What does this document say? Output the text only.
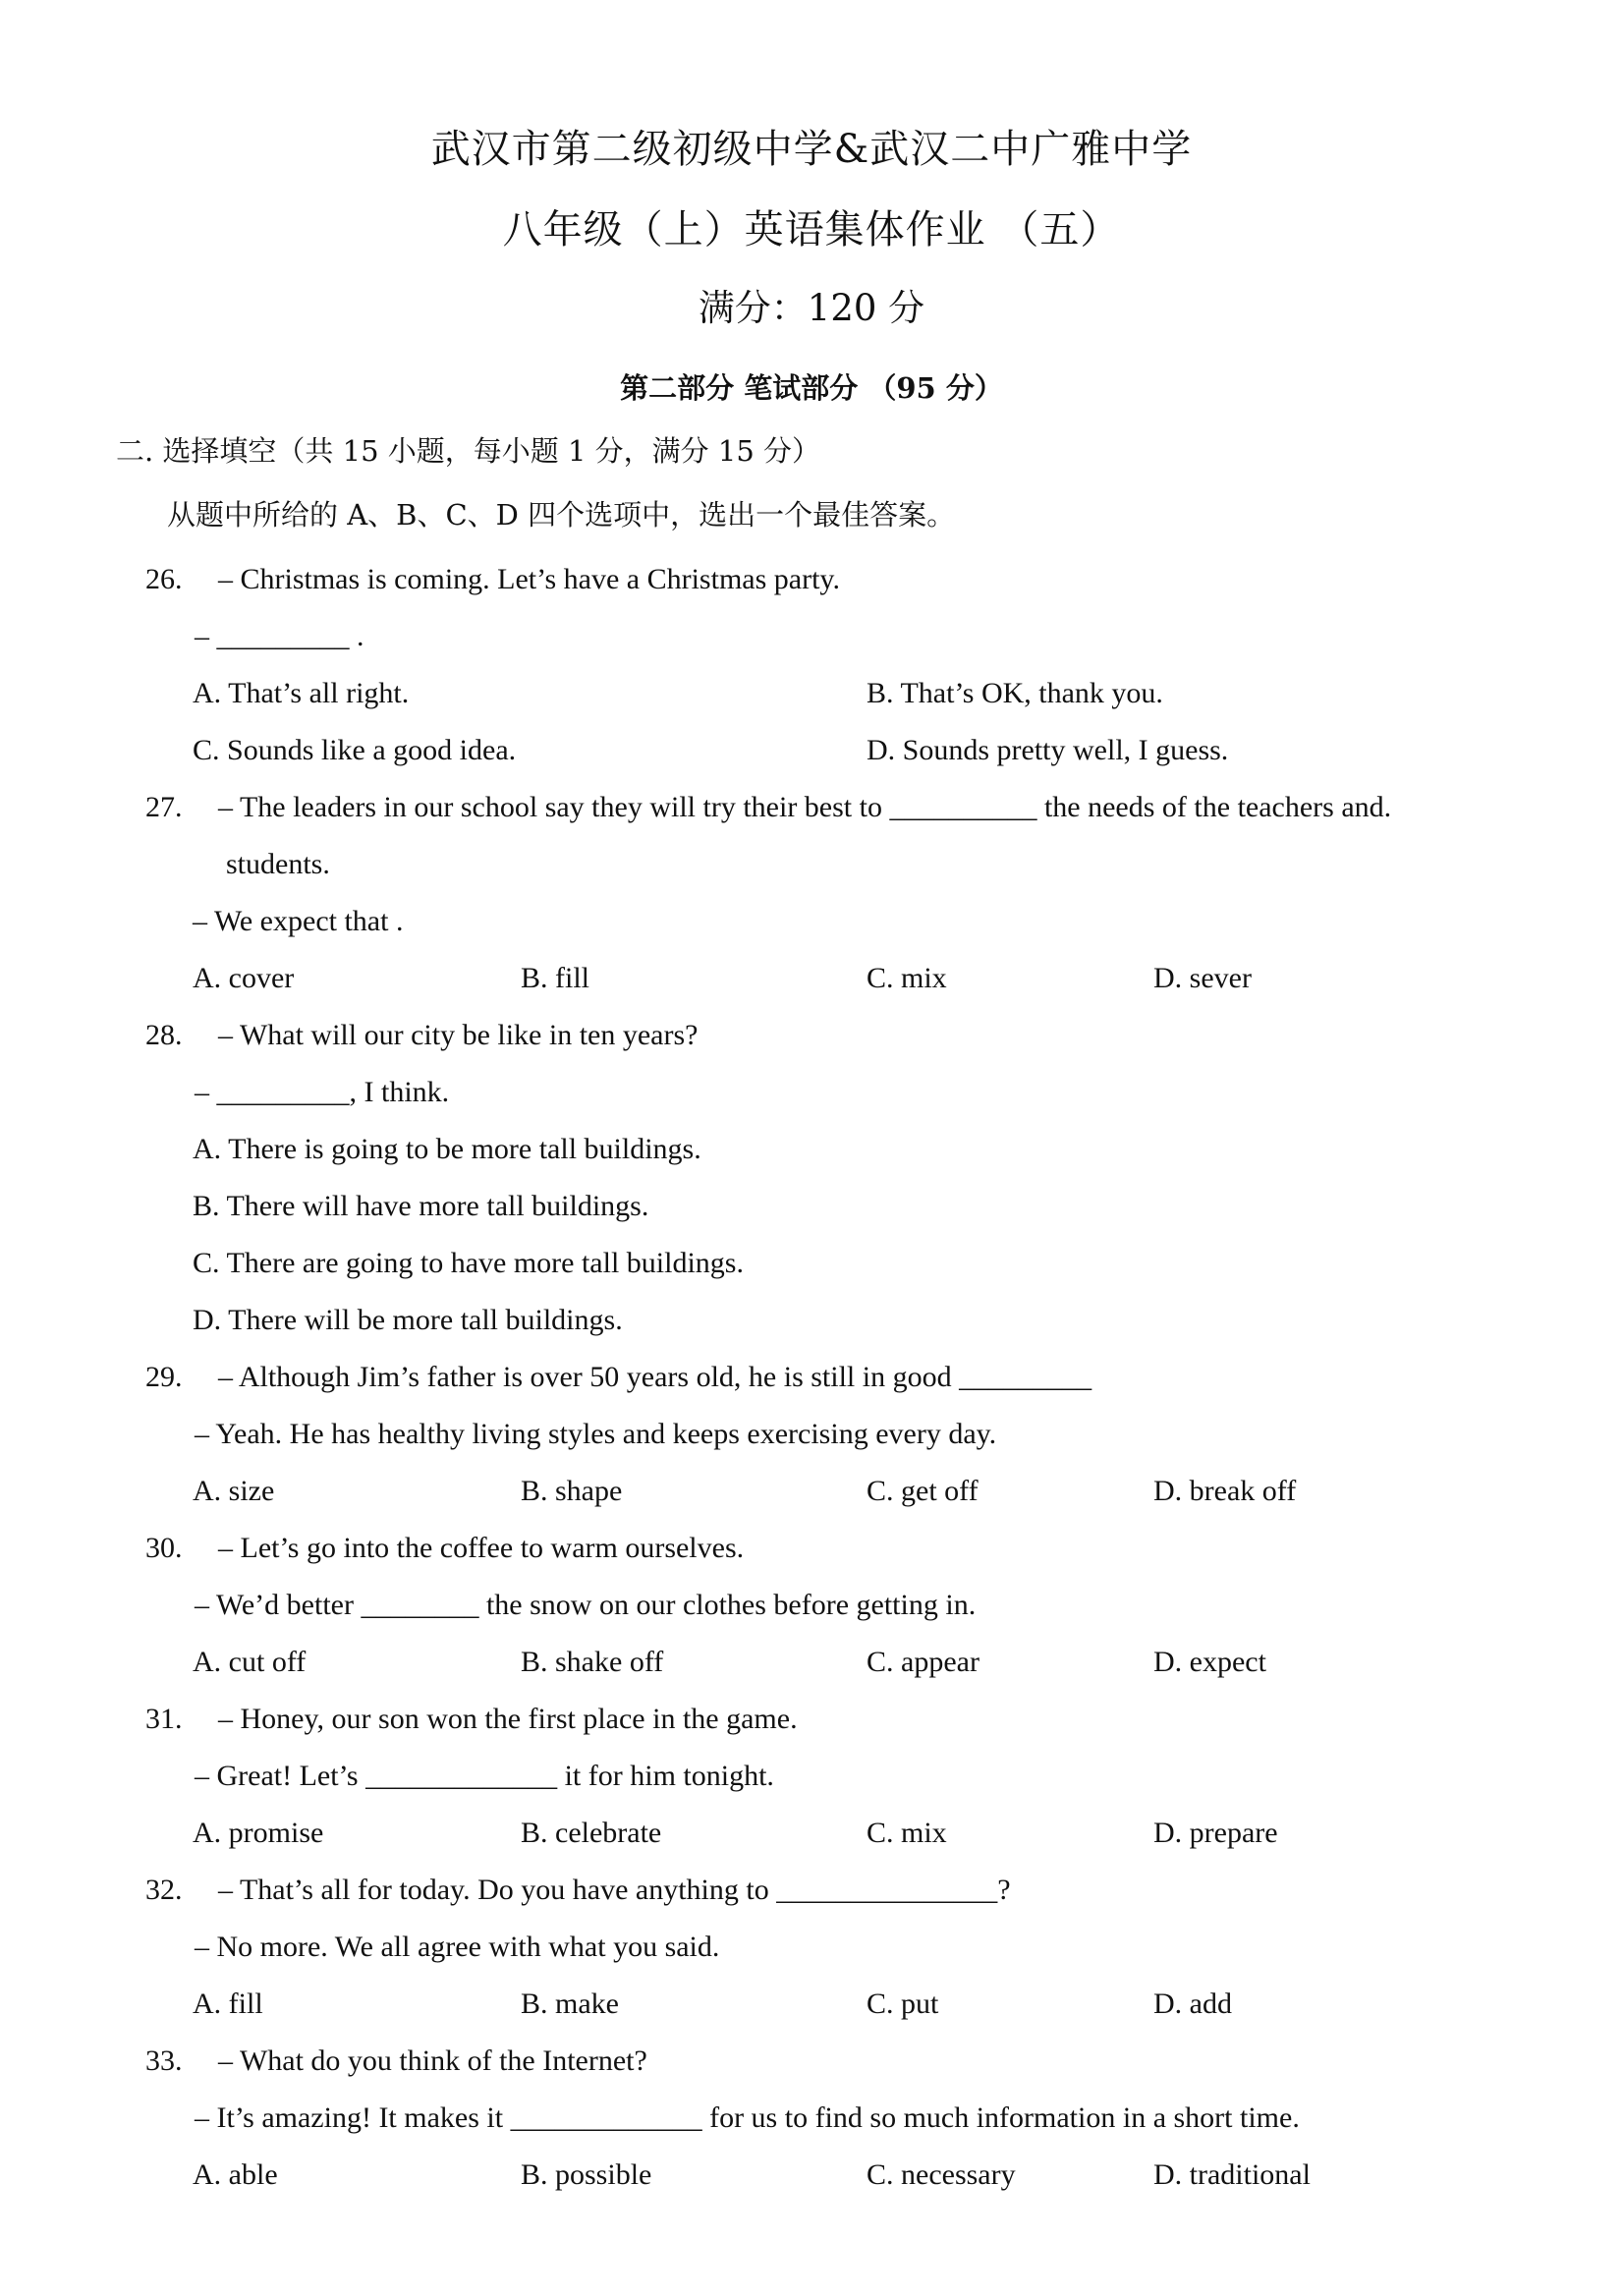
武汉市第二级初级中学&武汉二中广雅中学
八年级（上）英语集体作业 （五）
满分：120 分
第二部分 笔试部分 （95 分）
二. 选择填空（共 15 小题，每小题 1 分，满分 15 分）
从题中所给的 A、B、C、D 四个选项中，选出一个最佳答案。
26. – Christmas is coming. Let’s have a Christmas party.
– _________ .
A. That’s all right.	B. That’s OK, thank you.
C. Sounds like a good idea.	D. Sounds pretty well, I guess.
27. – The leaders in our school say they will try their best to __________ the needs of the teachers and.
students.
– We expect that .
A. cover	B. fill	C. mix	D. sever
28. – What will our city be like in ten years?
– _________, I think.
A. There is going to be more tall buildings.
B. There will have more tall buildings.
C. There are going to have more tall buildings.
D. There will be more tall buildings.
29. – Although Jim’s father is over 50 years old, he is still in good _________
– Yeah. He has healthy living styles and keeps exercising every day.
A. size	B. shape	C. get off	D. break off
30. – Let’s go into the coffee to warm ourselves.
– We’d better ________ the snow on our clothes before getting in.
A. cut off	B. shake off	C. appear	D. expect
31. – Honey, our son won the first place in the game.
– Great! Let’s _____________ it for him tonight.
A. promise	B. celebrate	C. mix	D. prepare
32. – That’s all for today. Do you have anything to _______________?
– No more. We all agree with what you said.
A. fill	B. make	C. put	D. add
33. – What do you think of the Internet?
– It’s amazing! It makes it _____________ for us to find so much information in a short time.
A. able	B. possible	C. necessary	D. traditional
